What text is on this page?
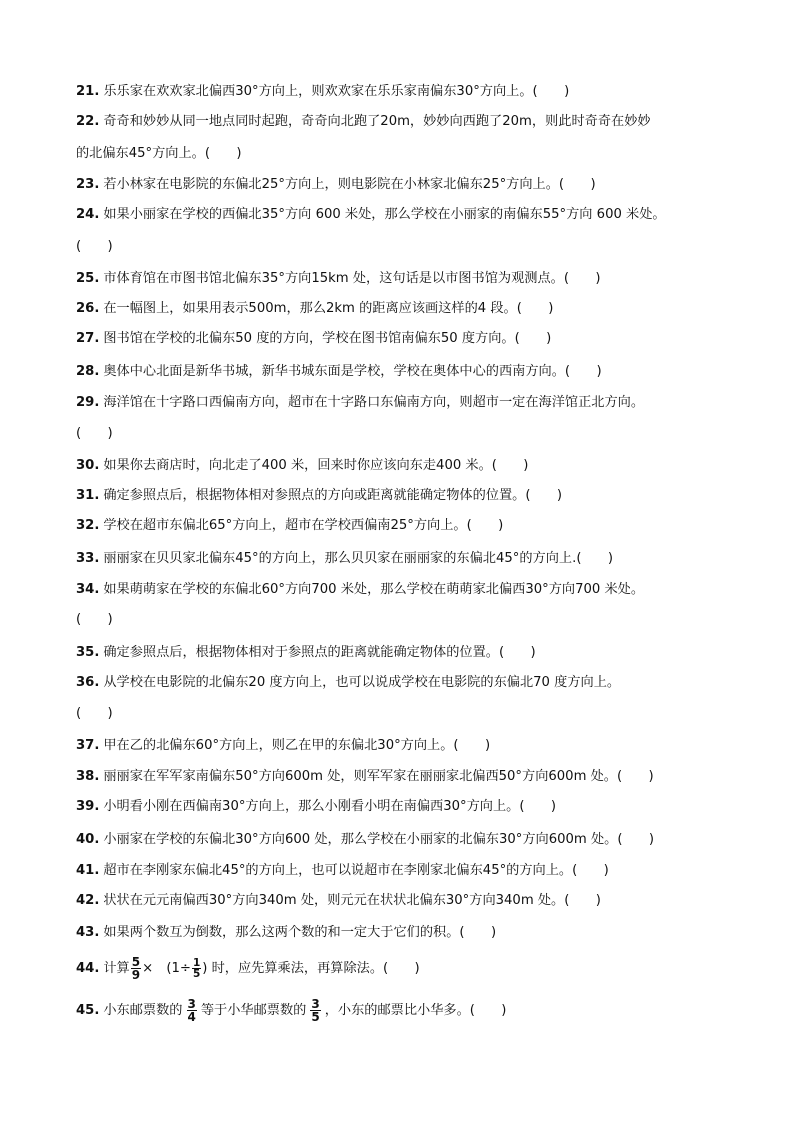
21. 乐乐家在欢欢家北偏西30°方向上，则欢欢家在乐乐家南偏东30°方向上。(　　)
22. 奇奇和妙妙从同一地点同时起跑，奇奇向北跑了20m，妙妙向西跑了20m，则此时奇奇在妙妙
的北偏东45°方向上。(　　)
23. 若小林家在电影院的东偏北25°方向上，则电影院在小林家北偏东25°方向上。(　　)
24. 如果小丽家在学校的西偏北35°方向 600 米处，那么学校在小丽家的南偏东55°方向 600 米处。
(　　)
25. 市体育馆在市图书馆北偏东35°方向15km 处，这句话是以市图书馆为观测点。(　　)
26. 在一幅图上，如果用表示500m，那么2km 的距离应该画这样的4 段。(　　)
27. 图书馆在学校的北偏东50 度的方向，学校在图书馆南偏东50 度方向。(　　)
28. 奥体中心北面是新华书城，新华书城东面是学校，学校在奥体中心的西南方向。(　　)
29. 海洋馆在十字路口西偏南方向，超市在十字路口东偏南方向，则超市一定在海洋馆正北方向。
(　　)
30. 如果你去商店时，向北走了400 米，回来时你应该向东走400 米。(　　)
31. 确定参照点后，根据物体相对参照点的方向或距离就能确定物体的位置。(　　)
32. 学校在超市东偏北65°方向上，超市在学校西偏南25°方向上。(　　)
33. 丽丽家在贝贝家北偏东45°的方向上，那么贝贝家在丽丽家的东偏北45°的方向上.(　　)
34. 如果萌萌家在学校的东偏北60°方向700 米处，那么学校在萌萌家北偏西30°方向700 米处。
(　　)
35. 确定参照点后，根据物体相对于参照点的距离就能确定物体的位置。(　　)
36. 从学校在电影院的北偏东20 度方向上，也可以说成学校在电影院的东偏北70 度方向上。
(　　)
37. 甲在乙的北偏东60°方向上，则乙在甲的东偏北30°方向上。(　　)
38. 丽丽家在军军家南偏东50°方向600m 处，则军军家在丽丽家北偏西50°方向600m 处。(　　)
39. 小明看小刚在西偏南30°方向上，那么小刚看小明在南偏西30°方向上。(　　)
40. 小丽家在学校的东偏北30°方向600 处，那么学校在小丽家的北偏东30°方向600m 处。(　　)
41. 超市在李刚家东偏北45°的方向上，也可以说超市在李刚家北偏东45°的方向上。(　　)
42. 状状在元元南偏西30°方向340m 处，则元元在状状北偏东30°方向340m 处。(　　)
43. 如果两个数互为倒数，那么这两个数的和一定大于它们的积。(　　)
44. 计算 $\frac{5}{9}$ ×　($1\div \frac{1}{5}$ ) 时，应先算乘法，再算除法。(　　)
45. 小东邮票数的 $\frac{3}{4}$ 等于小华邮票数的 $\frac{3}{5}$ ，小东的邮票比小华多。(　　)
